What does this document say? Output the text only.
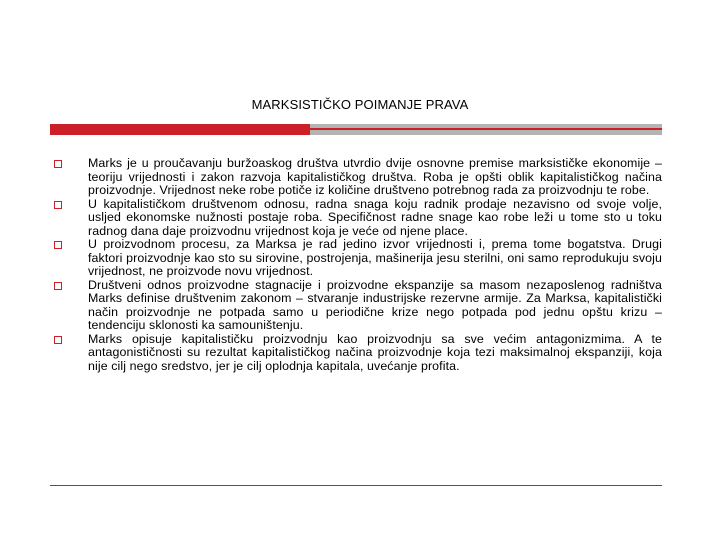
MARKSISTIČKO POIMANJE PRAVA
Marks je u proučavanju buržoaskog društva utvrdio dvije osnovne premise marksističke ekonomije – teoriju vrijednosti i zakon razvoja kapitalističkog društva. Roba je opšti oblik kapitalističkog načina proizvodnje. Vrijednost neke robe potiče iz količine društveno potrebnog rada za proizvodnju te robe.
U kapitalističkom društvenom odnosu, radna snaga koju radnik prodaje nezavisno od svoje volje, usljed ekonomske nužnosti postaje roba. Specifičnost radne snage kao robe leži u tome sto u toku radnog dana daje proizvodnu vrijednost koja je veće od njene place.
U proizvodnom procesu, za Marksa je rad jedino izvor vrijednosti i, prema tome bogatstva. Drugi faktori proizvodnje kao sto su sirovine, postrojenja, mašinerija jesu sterilni, oni samo reprodukuju svoju vrijednost, ne proizvode novu vrijednost.
Društveni odnos proizvodne stagnacije i proizvodne ekspanzije sa masom nezaposlenog radništva Marks definise društvenim zakonom – stvaranje industrijske rezervne armije. Za Marksa, kapitalistički način proizvodnje ne potpada samo u periodične krize nego potpada pod jednu opštu krizu – tendenciju sklonosti ka samouništenju.
Marks opisuje kapitalističku proizvodnju kao proizvodnju sa sve većim antagonizmima. A te antagonističnosti su rezultat kapitalističkog načina proizvodnje koja tezi maksimalnoj ekspanziji, koja nije cilj nego sredstvo, jer je cilj oplodnja kapitala, uvećanje profita.
